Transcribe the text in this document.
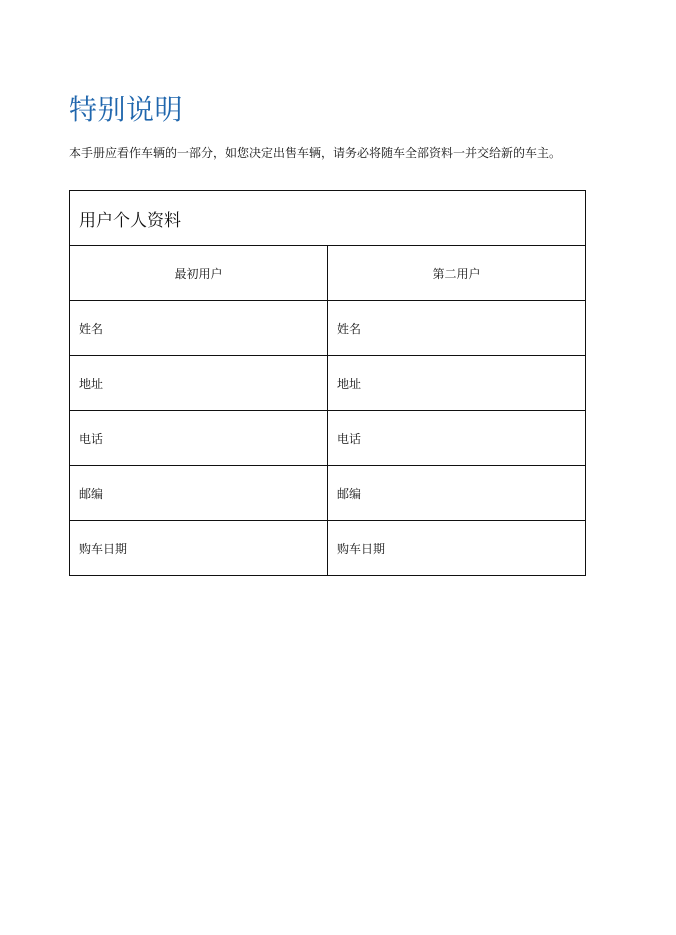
特别说明

本手册应看作车辆的一部分，如您决定出售车辆，请务必将随车全部资料一并交给新的车主。

用户个人资料	
最初用户	第二用户
姓名	姓名
地址	地址
电话	电话
邮编	邮编
购车日期	购车日期
